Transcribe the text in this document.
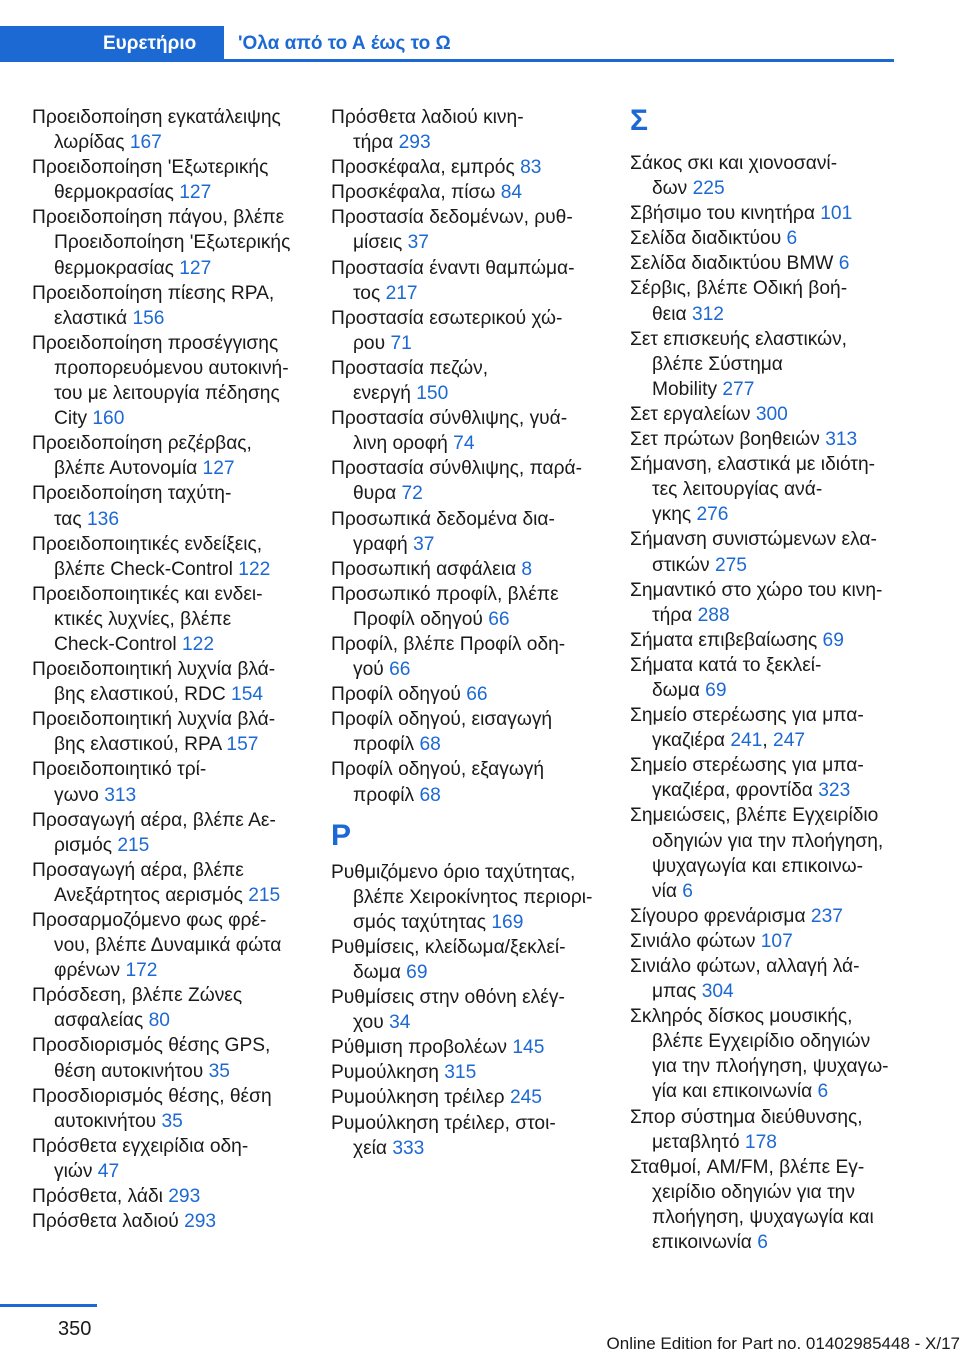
Ευρετήριο	'Ολα από το Α έως το Ω
Προειδοποίηση εγκατάλειψης
λωρίδας 167
Προειδοποίηση 'Εξωτερικής
θερμοκρασίας 127
Προειδοποίηση πάγου, βλέπε
Προειδοποίηση 'Εξωτερικής
θερμοκρασίας 127
Προειδοποίηση πίεσης RPA,
ελαστικά 156
Προειδοποίηση προσέγγισης
προπορευόμενου αυτοκινή-
του με λειτουργία πέδησης
City 160
Προειδοποίηση ρεζέρβας,
βλέπε Αυτονομία 127
Προειδοποίηση ταχύτη-
τας 136
Προειδοποιητικές ενδείξεις,
βλέπε Check-Control 122
Προειδοποιητικές και ενδει-
κτικές λυχνίες, βλέπε
Check-Control 122
Προειδοποιητική λυχνία βλά-
βης ελαστικού, RDC 154
Προειδοποιητική λυχνία βλά-
βης ελαστικού, RPA 157
Προειδοποιητικό τρί-
γωνο 313
Προσαγωγή αέρα, βλέπε Αε-
ρισμός 215
Προσαγωγή αέρα, βλέπε
Ανεξάρτητος αερισμός 215
Προσαρμοζόμενο φως φρέ-
νου, βλέπε Δυναμικά φώτα
φρένων 172
Πρόσδεση, βλέπε Ζώνες
ασφαλείας 80
Προσδιορισμός θέσης GPS,
θέση αυτοκινήτου 35
Προσδιορισμός θέσης, θέση
αυτοκινήτου 35
Πρόσθετα εγχειρίδια οδη-
γιών 47
Πρόσθετα, λάδι 293
Πρόσθετα λαδιού 293
Πρόσθετα λαδιού κινη-
τήρα 293
Προσκέφαλα, εμπρός 83
Προσκέφαλα, πίσω 84
Προστασία δεδομένων, ρυθ-
μίσεις 37
Προστασία έναντι θαμπώμα-
τος 217
Προστασία εσωτερικού χώ-
ρου 71
Προστασία πεζών,
ενεργή 150
Προστασία σύνθλιψης, γυά-
λινη οροφή 74
Προστασία σύνθλιψης, παρά-
θυρα 72
Προσωπικά δεδομένα δια-
γραφή 37
Προσωπική ασφάλεια 8
Προσωπικό προφίλ, βλέπε
Προφίλ οδηγού 66
Προφίλ, βλέπε Προφίλ οδη-
γού 66
Προφίλ οδηγού 66
Προφίλ οδηγού, εισαγωγή
προφίλ 68
Προφίλ οδηγού, εξαγωγή
προφίλ 68
Ρ
Ρυθμιζόμενο όριο ταχύτητας,
βλέπε Χειροκίνητος περιορι-
σμός ταχύτητας 169
Ρυθμίσεις, κλείδωμα/ξεκλεί-
δωμα 69
Ρυθμίσεις στην οθόνη ελέγ-
χου 34
Ρύθμιση προβολέων 145
Ρυμούλκηση 315
Ρυμούλκηση τρέιλερ 245
Ρυμούλκηση τρέιλερ, στοι-
χεία 333
Σ
Σάκος σκι και χιονοσανί-
δων 225
Σβήσιμο του κινητήρα 101
Σελίδα διαδικτύου 6
Σελίδα διαδικτύου BMW 6
Σέρβις, βλέπε Οδική βοή-
θεια 312
Σετ επισκευής ελαστικών,
βλέπε Σύστημα
Mobility 277
Σετ εργαλείων 300
Σετ πρώτων βοηθειών 313
Σήμανση, ελαστικά με ιδιότη-
τες λειτουργίας ανά-
γκης 276
Σήμανση συνιστώμενων ελα-
στικών 275
Σημαντικό στο χώρο του κινη-
τήρα 288
Σήματα επιβεβαίωσης 69
Σήματα κατά το ξεκλεί-
δωμα 69
Σημείο στερέωσης για μπα-
γκαζιέρα 241, 247
Σημείο στερέωσης για μπα-
γκαζιέρα, φροντίδα 323
Σημειώσεις, βλέπε Εγχειρίδιο
οδηγιών για την πλοήγηση,
ψυχαγωγία και επικοινω-
νία 6
Σίγουρο φρενάρισμα 237
Σινιάλο φώτων 107
Σινιάλο φώτων, αλλαγή λά-
μπας 304
Σκληρός δίσκος μουσικής,
βλέπε Εγχειρίδιο οδηγιών
για την πλοήγηση, ψυχαγω-
γία και επικοινωνία 6
Σπορ σύστημα διεύθυνσης,
μεταβλητό 178
Σταθμοί, AM/FM, βλέπε Εγ-
χειρίδιο οδηγιών για την
πλοήγηση, ψυχαγωγία και
επικοινωνία 6
350
Online Edition for Part no. 01402985448 - X/17
